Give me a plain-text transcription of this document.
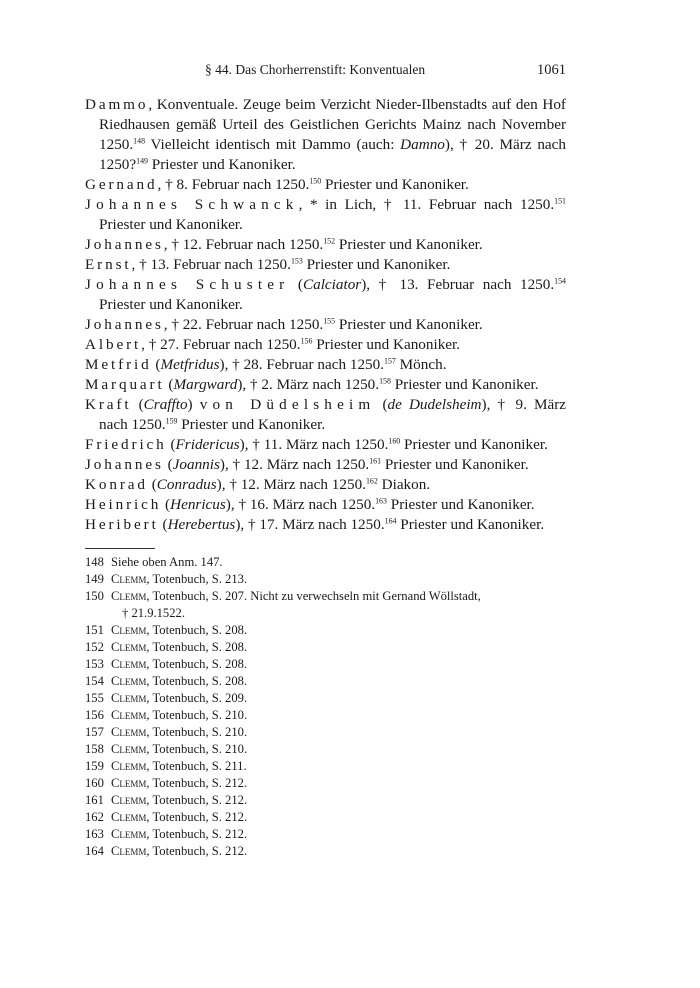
§ 44. Das Chorherrenstift: Konventualen	1061

Dammo, Konventuale. Zeuge beim Verzicht Nieder-Ilbenstadts auf den Hof Riedhausen gemäß Urteil des Geistlichen Gerichts Mainz nach November 1250.$^{148}$ Vielleicht identisch mit Dammo (auch: Damno), † 20. März nach 1250?$^{149}$ Priester und Kanoniker.

Gernand, † 8. Februar nach 1250.$^{150}$ Priester und Kanoniker.

Johannes Schwanck, * in Lich, † 11. Februar nach 1250.$^{151}$ Priester und Kanoniker.

Johannes, † 12. Februar nach 1250.$^{152}$ Priester und Kanoniker.

Ernst, † 13. Februar nach 1250.$^{153}$ Priester und Kanoniker.

Johannes Schuster (Calciator), † 13. Februar nach 1250.$^{154}$ Priester und Kanoniker.

Johannes, † 22. Februar nach 1250.$^{155}$ Priester und Kanoniker.

Albert, † 27. Februar nach 1250.$^{156}$ Priester und Kanoniker.

Metfrid (Metfridus), † 28. Februar nach 1250.$^{157}$ Mönch.

Marquart (Margward), † 2. März nach 1250.$^{158}$ Priester und Kanoniker.

Kraft (Craffto) von Düdelsheim (de Dudelsheim), † 9. März nach 1250.$^{159}$ Priester und Kanoniker.

Friedrich (Fridericus), † 11. März nach 1250.$^{160}$ Priester und Kanoniker.

Johannes (Joannis), † 12. März nach 1250.$^{161}$ Priester und Kanoniker.

Konrad (Conradus), † 12. März nach 1250.$^{162}$ Diakon.

Heinrich (Henricus), † 16. März nach 1250.$^{163}$ Priester und Kanoniker.

Heribert (Herebertus), † 17. März nach 1250.$^{164}$ Priester und Kanoniker.

148 Siehe oben Anm. 147.

149 Clemm, Totenbuch, S. 213.

150 Clemm, Totenbuch, S. 207. Nicht zu verwechseln mit Gernand Wöllstadt,
† 21.9.1522.

151 Clemm, Totenbuch, S. 208.

152 Clemm, Totenbuch, S. 208.

153 Clemm, Totenbuch, S. 208.

154 Clemm, Totenbuch, S. 208.

155 Clemm, Totenbuch, S. 209.

156 Clemm, Totenbuch, S. 210.

157 Clemm, Totenbuch, S. 210.

158 Clemm, Totenbuch, S. 210.

159 Clemm, Totenbuch, S. 211.

160 Clemm, Totenbuch, S. 212.

161 Clemm, Totenbuch, S. 212.

162 Clemm, Totenbuch, S. 212.

163 Clemm, Totenbuch, S. 212.

164 Clemm, Totenbuch, S. 212.
